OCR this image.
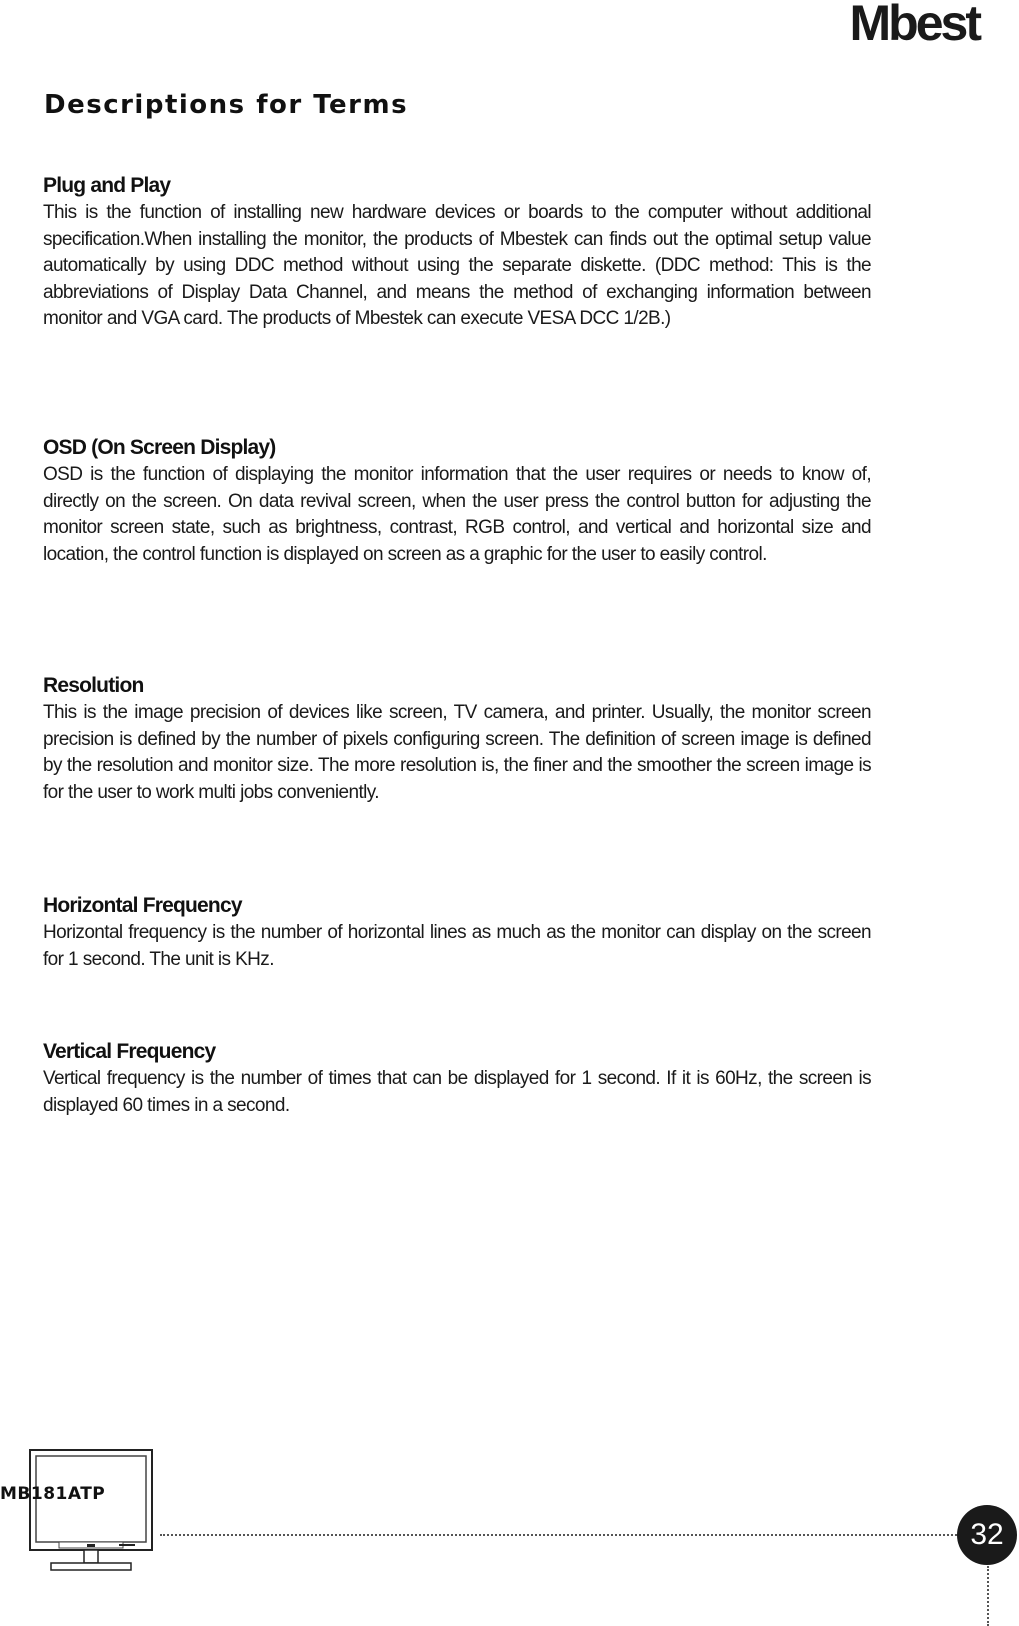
Mbest
Descriptions for Terms
Plug and Play

This is the function of installing new hardware devices or boards to the computer without additional specification.When installing the monitor, the products of Mbestek can finds out the optimal setup value automatically by using DDC method without using the separate diskette. (DDC method: This is the abbreviations of Display Data Channel, and means the method of exchanging information between monitor and VGA card. The products of Mbestek can execute VESA DCC 1/2B.)

OSD (On Screen Display)

OSD is the function of displaying the monitor information that the user requires or needs to know of, directly on the screen. On data revival screen, when the user press the control button for adjusting the monitor screen state, such as brightness, contrast, RGB control, and vertical and horizontal size and location, the control function is displayed on screen as a graphic for the user to easily control.

Resolution

This is the image precision of devices like screen, TV camera, and printer. Usually, the monitor screen precision is defined by the number of pixels configuring screen. The definition of screen image is defined by the resolution and monitor size. The more resolution is, the finer and the smoother the screen image is for the user to work multi jobs conveniently.

Horizontal Frequency

Horizontal frequency is the number of horizontal lines as much as the monitor can display on the screen for 1 second. The unit is KHz.

Vertical Frequency

Vertical frequency is the number of times that can be displayed for 1 second. If it is 60Hz, the screen is displayed 60 times in a second.

MB181ATP
32
